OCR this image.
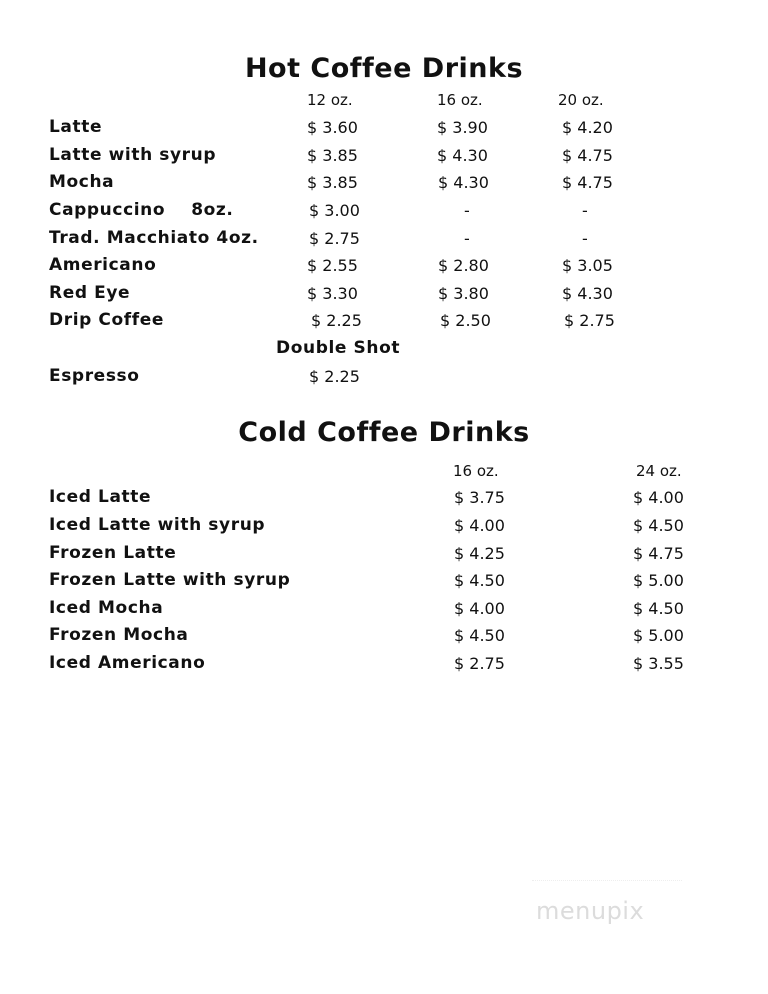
Hot Coffee Drinks
12 oz.	16 oz.	20 oz.
Latte	$ 3.60	$ 3.90	$ 4.20
Latte with syrup	$ 3.85	$ 4.30	$ 4.75
Mocha	$ 3.85	$ 4.30	$ 4.75
Cappuccino    8oz.	$ 3.00	-	-
Trad. Macchiato 4oz.	$ 2.75	-	-
Americano	$ 2.55	$ 2.80	$ 3.05
Red Eye	$ 3.30	$ 3.80	$ 4.30
Drip Coffee	$ 2.25	$ 2.50	$ 2.75
Double Shot
Espresso	$ 2.25
Cold Coffee Drinks
16 oz.	24 oz.
Iced Latte	$ 3.75	$ 4.00
Iced Latte with syrup	$ 4.00	$ 4.50
Frozen Latte	$ 4.25	$ 4.75
Frozen Latte with syrup	$ 4.50	$ 5.00
Iced Mocha	$ 4.00	$ 4.50
Frozen Mocha	$ 4.50	$ 5.00
Iced Americano	$ 2.75	$ 3.55
menupix
